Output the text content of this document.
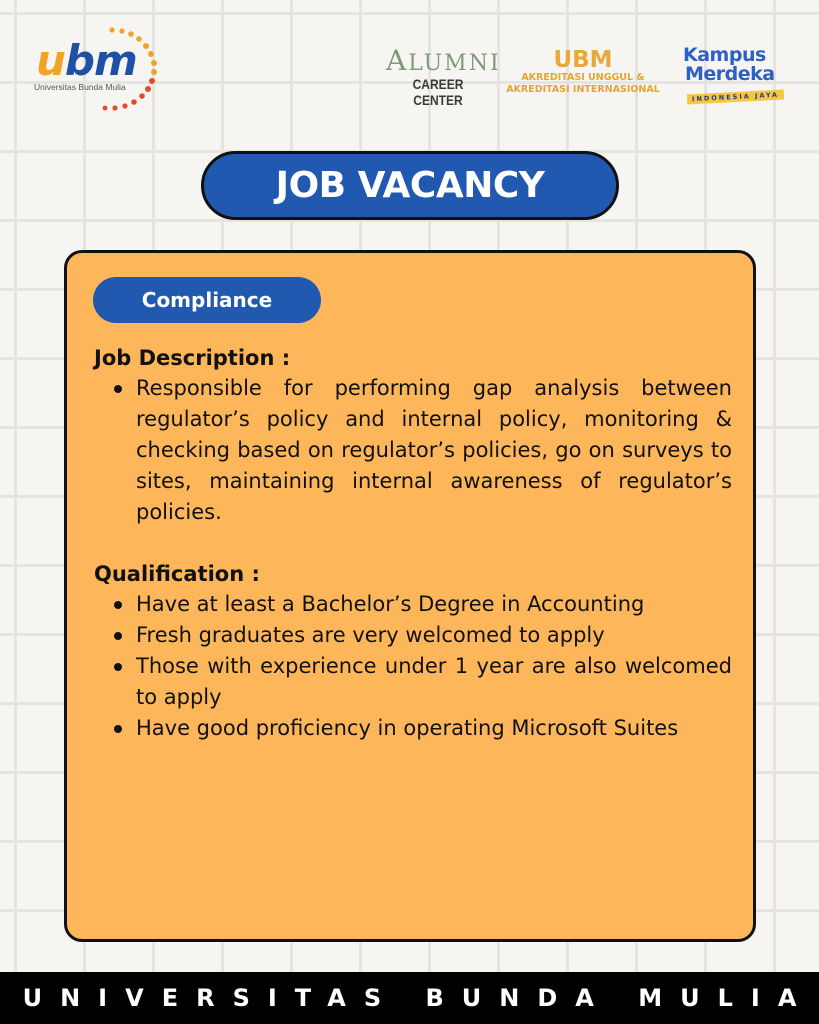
ubm
Universitas Bunda Mulia
ALUMNI
CAREER CENTER
UBM
AKREDITASI UNGGUL &
AKREDITASI INTERNASIONAL
Kampus
Merdeka
INDONESIA JAYA
JOB VACANCY
Compliance
Job Description :
Responsible for performing gap analysis between regulator’s policy and internal policy, monitoring & checking based on regulator’s policies, go on surveys to sites, maintaining internal awareness of regulator’s policies.
Qualification :
Have at least a Bachelor’s Degree in Accounting
Fresh graduates are very welcomed to apply
Those with experience under 1 year are also welcomed to apply
Have good proficiency in operating Microsoft Suites
UNIVERSITAS BUNDA MULIA
